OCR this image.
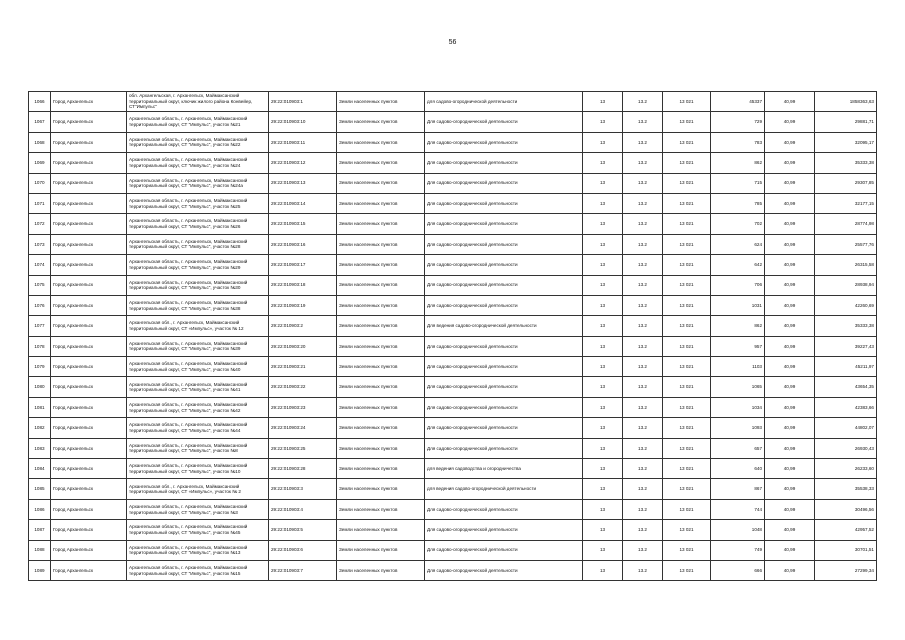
56
1066	Город Архангельск	обл. Архангельская, г. Архангельск, Маймаксанский территориальный округ, ключик жилого района Конвейер, СТ"Импульс"	29:22:010903:1	Земли населенных пунктов	для садово-огороднической деятельности	13	13.2	13 021	45337	40,99	1858363,63
1067	Город Архангельск	Архангельская область, г. Архангельск, Маймаксанский территориальный округ, СТ "Импульс", участок №21	29:22:010903:10	Земли населенных пунктов	Для садово-огороднической деятельности	13	13.2	13 021	729	40,99	29881,71
1068	Город Архангельск	Архангельская область, г. Архангельск, Маймаксанский территориальный округ, СТ "Импульс", участок №22	29:22:010903:11	Земли населенных пунктов	Для садово-огороднической деятельности	13	13.2	13 021	783	40,99	32095,17
1069	Город Архангельск	Архангельская область, г. Архангельск, Маймаксанский территориальный округ, СТ "Импульс", участок №24	29:22:010903:12	Земли населенных пунктов	Для садово-огороднической деятельности	13	13.2	13 021	862	40,99	35333,38
1070	Город Архангельск	Архангельская область, г. Архангельск, Маймаксанский территориальный округ, СТ "Импульс", участок №24а	29:22:010903:13	Земли населенных пунктов	Для садово-огороднической деятельности	13	13.2	13 021	715	40,99	29307,85
1071	Город Архангельск	Архангельская область, г. Архангельск, Маймаксанский территориальный округ, СТ "Импульс", участок №25	29:22:010903:14	Земли населенных пунктов	Для садово-огороднической деятельности	13	13.2	13 021	785	40,99	32177,15
1072	Город Архангельск	Архангельская область, г. Архангельск, Маймаксанский территориальный округ, СТ "Импульс", участок №26	29:22:010903:15	Земли населенных пунктов	Для садово-огороднической деятельности	13	13.2	13 021	702	40,99	28774,98
1073	Город Архангельск	Архангельская область, г. Архангельск, Маймаксанский территориальный округ, СТ "Импульс", участок №28	29:22:010903:16	Земли населенных пунктов	Для садово-огороднической деятельности	13	13.2	13 021	624	40,99	25577,76
1074	Город Архангельск	Архангельская область, г. Архангельск, Маймаксанский территориальный округ, СТ "Импульс", участок №29	29:22:010903:17	Земли населенных пунктов	Для садово-огороднической деятельности	13	13.2	13 021	642	40,99	26315,58
1075	Город Архангельск	Архангельская область, г. Архангельск, Маймаксанский территориальный округ, СТ "Импульс", участок №30	29:22:010903:18	Земли населенных пунктов	Для садово-огороднической деятельности	13	13.2	13 021	706	40,99	28938,94
1076	Город Архангельск	Архангельская область, г. Архангельск, Маймаксанский территориальный округ, СТ "Импульс", участок №38	29:22:010903:19	Земли населенных пунктов	Для садово-огороднической деятельности	13	13.2	13 021	1031	40,99	42260,69
1077	Город Архангельск	Архангельская обл., г. Архангельск, Маймаксанский территориальный округ, СТ «Импульс», участок № 12	29:22:010903:2	Земли населенных пунктов	Для ведения садово-огороднической деятельности	13	13.2	13 021	862	40,99	35333,38
1078	Город Архангельск	Архангельская область, г. Архангельск, Маймаксанский территориальный округ, СТ "Импульс", участок №39	29:22:010903:20	Земли населенных пунктов	Для садово-огороднической деятельности	13	13.2	13 021	957	40,99	39227,43
1079	Город Архангельск	Архангельская область, г. Архангельск, Маймаксанский территориальный округ, СТ "Импульс", участок №40	29:22:010903:21	Земли населенных пунктов	Для садово-огороднической деятельности	13	13.2	13 021	1103	40,99	45211,97
1080	Город Архангельск	Архангельская область, г. Архангельск, Маймаксанский территориальный округ, СТ "Импульс", участок №41	29:22:010903:22	Земли населенных пунктов	Для садово-огороднической деятельности	13	13.2	13 021	1065	40,99	43654,35
1081	Город Архангельск	Архангельская область, г. Архангельск, Маймаксанский территориальный округ, СТ "Импульс", участок №42	29:22:010903:23	Земли населенных пунктов	Для садово-огороднической деятельности	13	13.2	13 021	1034	40,99	42383,66
1082	Город Архангельск	Архангельская область, г. Архангельск, Маймаксанский территориальный округ, СТ "Импульс", участок №44	29:22:010903:24	Земли населенных пунктов	Для садово-огороднической деятельности	13	13.2	13 021	1093	40,99	44802,07
1083	Город Архангельск	Архангельская область, г. Архангельск, Маймаксанский территориальный округ, СТ "Импульс", участок №8	29:22:010903:25	Земли населенных пунктов	Для садово-огороднической деятельности	13	13.2	13 021	657	40,99	26930,43
1084	Город Архангельск	Архангельская область, г. Архангельск, Маймаксанский территориальный округ, СТ "Импульс", участок №10	29:22:010903:28	Земли населенных пунктов	для ведения садоводства и огородничества	13	13.2	13 021	640	40,99	26233,60
1085	Город Архангельск	Архангельская обл., г. Архангельск, Маймаксанский территориальный округ, СТ «Импульс», участок № 2	29:22:010903:3	Земли населенных пунктов	для ведения садово-огороднической деятельности	13	13.2	13 021	867	40,99	35538,33
1086	Город Архангельск	Архангельская область, г. Архангельск, Маймаксанский территориальный округ, СТ "Импульс", участок №3	29:22:010903:4	Земли населенных пунктов	Для садово-огороднической деятельности	13	13.2	13 021	744	40,99	30496,56
1087	Город Архангельск	Архангельская область, г. Архангельск, Маймаксанский территориальный округ, СТ "Импульс", участок №45	29:22:010903:5	Земли населенных пунктов	Для садово-огороднической деятельности	13	13.2	13 021	1048	40,99	42957,52
1088	Город Архангельск	Архангельская область, г. Архангельск, Маймаксанский территориальный округ, СТ "Импульс", участок №13	29:22:010903:6	Земли населенных пунктов	Для садово-огороднической деятельности	13	13.2	13 021	749	40,99	30701,51
1089	Город Архангельск	Архангельская область, г. Архангельск, Маймаксанский территориальный округ, СТ "Импульс", участок №15	29:22:010903:7	Земли населенных пунктов	Для садово-огороднической деятельности	13	13.2	13 021	666	40,99	27299,34
